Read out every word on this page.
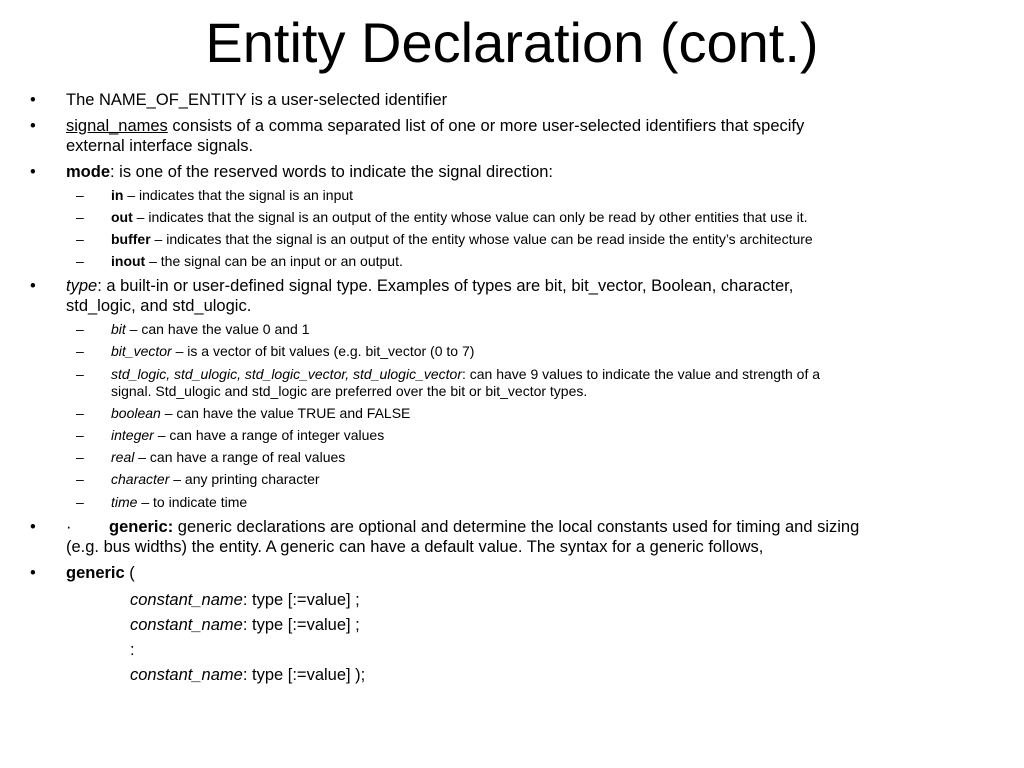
Entity Declaration (cont.)
• The NAME_OF_ENTITY is a user-selected identifier
• signal_names consists of a comma separated list of one or more user-selected identifiers that specify
external interface signals.
• mode : is one of the reserved words to indicate the signal direction:
– in – indicates that the signal is an input
– out – indicates that the signal is an output of the entity whose value can only be read by other entities that use it.
– buffer – indicates that the signal is an output of the entity whose value can be read inside the entity’s architecture
– inout – the signal can be an input or an output.
• type : a built-in or user-defined signal type. Examples of types are bit, bit_vector, Boolean, character,
std_logic, and std_ulogic.
– bit – can have the value 0 and 1
– bit_vector – is a vector of bit values (e.g. bit_vector (0 to 7)
– std_logic, std_ulogic, std_logic_vector, std_ulogic_vector : can have 9 values to indicate the value and strength of a
signal. Std_ulogic and std_logic are preferred over the bit or bit_vector types.
– boolean – can have the value TRUE and FALSE
– integer – can have a range of integer values
– real – can have a range of real values
– character – any printing character
– time – to indicate time
• · generic: generic declarations are optional and determine the local constants used for timing and sizing
(e.g. bus widths) the entity. A generic can have a default value. The syntax for a generic follows,
• generic (
constant_name : type [:=value] ;
constant_name : type [:=value] ;
:
constant_name : type [:=value] );
